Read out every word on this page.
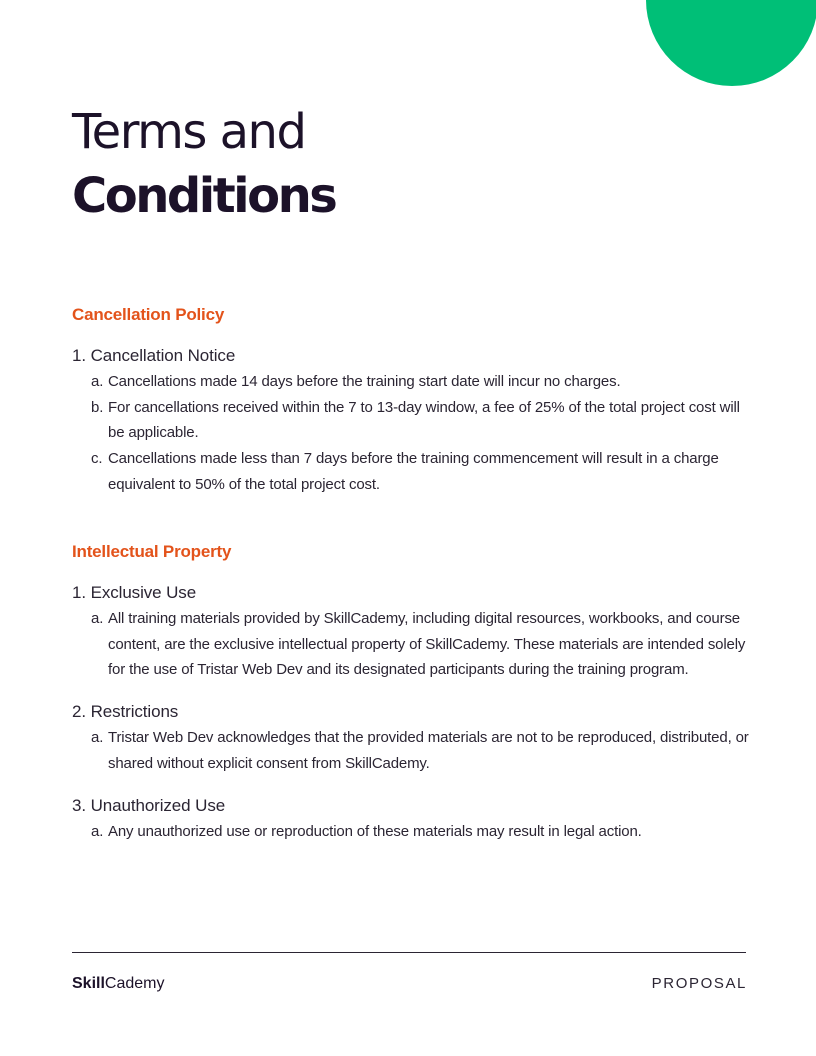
Terms and
Conditions
Cancellation Policy
1. Cancellation Notice
a. Cancellations made 14 days before the training start date will incur no charges.
b. For cancellations received within the 7 to 13-day window, a fee of 25% of the total project cost will be applicable.
c. Cancellations made less than 7 days before the training commencement will result in a charge equivalent to 50% of the total project cost.
Intellectual Property
1. Exclusive Use
a. All training materials provided by SkillCademy, including digital resources, workbooks, and course content, are the exclusive intellectual property of SkillCademy. These materials are intended solely for the use of Tristar Web Dev and its designated participants during the training program.
2. Restrictions
a. Tristar Web Dev acknowledges that the provided materials are not to be reproduced, distributed, or shared without explicit consent from SkillCademy.
3. Unauthorized Use
a. Any unauthorized use or reproduction of these materials may result in legal action.
SkillCademy	PROPOSAL
